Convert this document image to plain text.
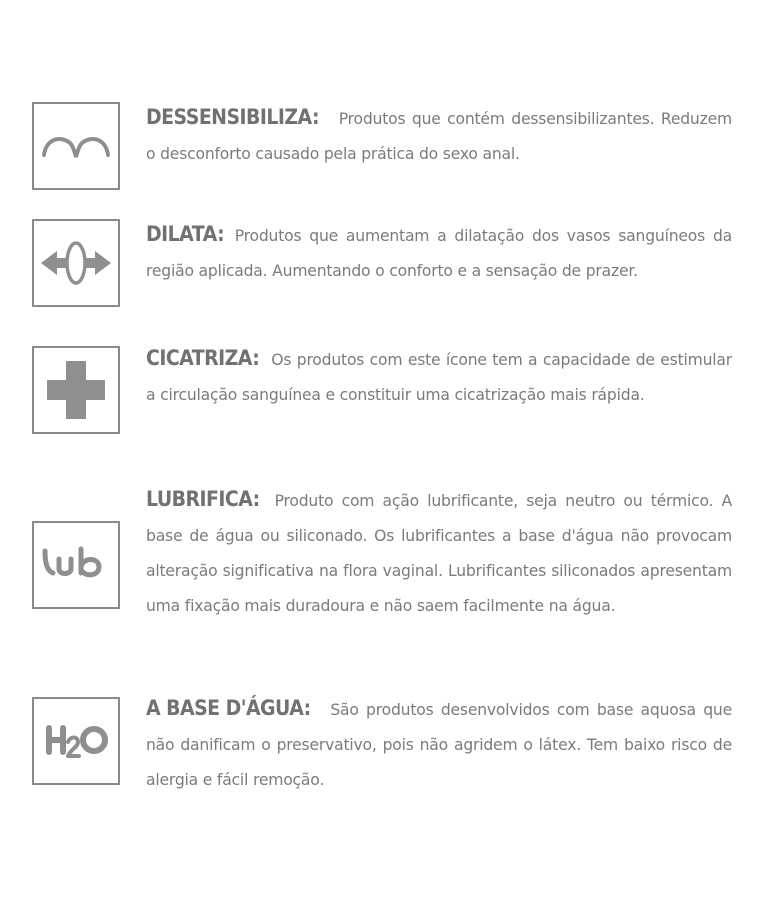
DESSENSIBILIZA: Produtos que contém dessensibilizantes. Reduzem o desconforto causado pela prática do sexo anal.
DILATA: Produtos que aumentam a dilatação dos vasos sanguíneos da região aplicada. Aumentando o conforto e a sensação de prazer.
CICATRIZA: Os produtos com este ícone tem a capacidade de estimular a circulação sanguínea e constituir uma cicatrização mais rápida.
LUBRIFICA: Produto com ação lubrificante, seja neutro ou térmico. A base de água ou siliconado. Os lubrificantes a base d'água não provocam alteração significativa na flora vaginal. Lubrificantes siliconados apresentam uma fixação mais duradoura e não saem facilmente na água.
A BASE D'ÁGUA: São produtos desenvolvidos com base aquosa que não danificam o preservativo, pois não agridem o látex. Tem baixo risco de alergia e fácil remoção.
